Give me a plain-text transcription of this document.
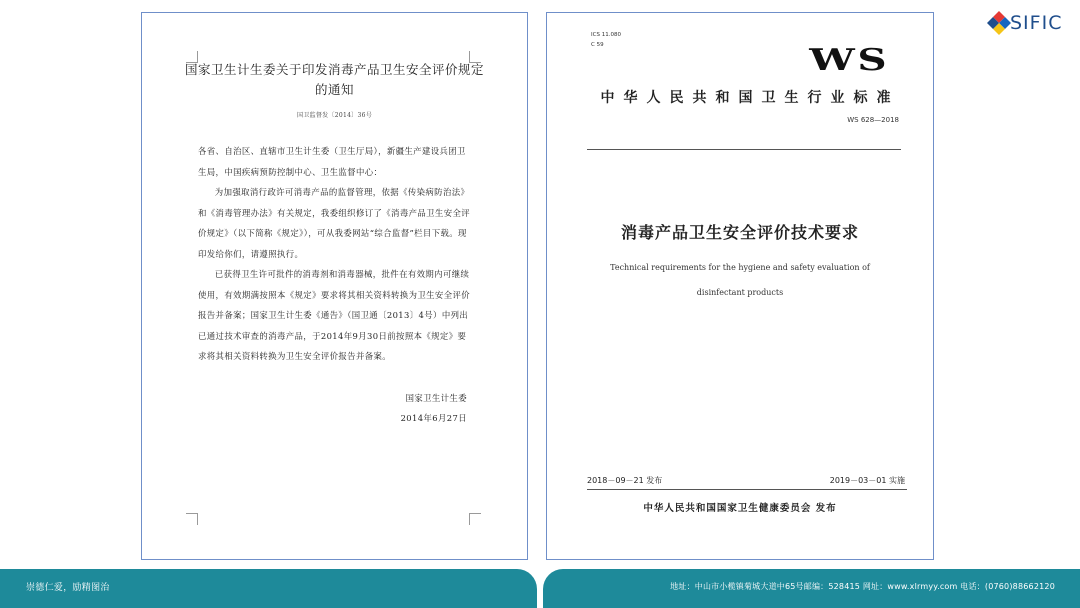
国家卫生计生委关于印发消毒产品卫生安全评价规定的通知
国卫监督发〔2014〕36号

各省、自治区、直辖市卫生计生委（卫生厅局），新疆生产建设兵团卫生局，中国疾病预防控制中心、卫生监督中心：

为加强取消行政许可消毒产品的监督管理，依据《传染病防治法》和《消毒管理办法》有关规定，我委组织修订了《消毒产品卫生安全评价规定》（以下简称《规定》），可从我委网站“综合监督”栏目下载。现印发给你们，请遵照执行。

已获得卫生许可批件的消毒剂和消毒器械，批件在有效期内可继续使用，有效期满按照本《规定》要求将其相关资料转换为卫生安全评价报告并备案；国家卫生计生委《通告》（国卫通〔2013〕4号）中列出已通过技术审查的消毒产品，于2014年9月30日前按照本《规定》要求将其相关资料转换为卫生安全评价报告并备案。

国家卫生计生委
2014年6月27日
ICS 11.080
C 59	WS
中华人民共和国卫生行业标准
WS 628—2018
消毒产品卫生安全评价技术要求
Technical requirements for the hygiene and safety evaluation of
disinfectant products
2018－09－21 发布	2019－03－01 实施
中华人民共和国国家卫生健康委员会 发布
SIFIC
崇德仁爱，励精图治	地址：中山市小榄镇菊城大道中65号邮编：528415 网址：www.xlrmyy.com 电话：(0760)88662120
